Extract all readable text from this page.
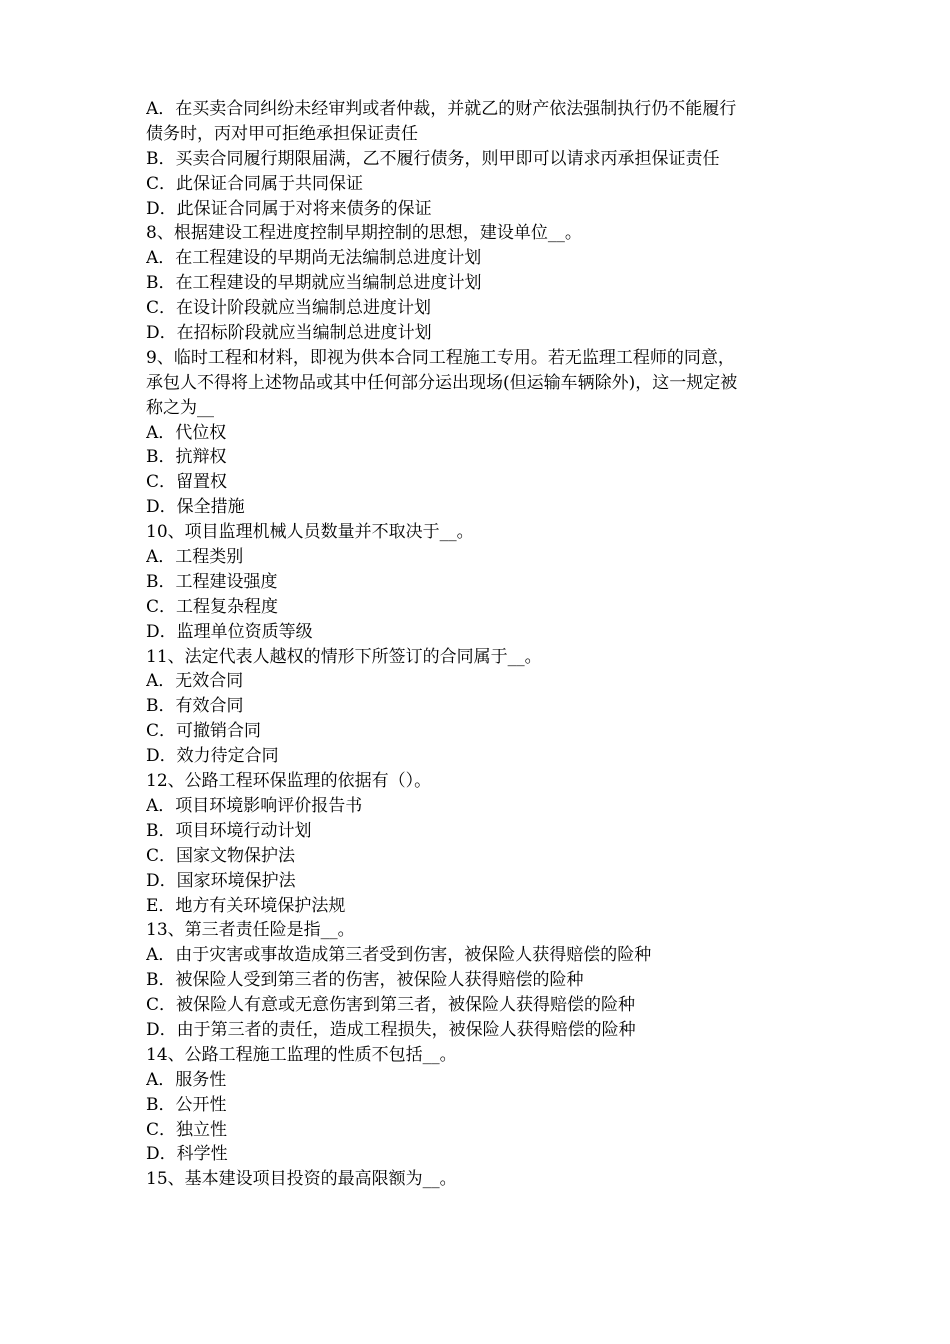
A．在买卖合同纠纷未经审判或者仲裁，并就乙的财产依法强制执行仍不能履行
债务时，丙对甲可拒绝承担保证责任
B．买卖合同履行期限届满，乙不履行债务，则甲即可以请求丙承担保证责任
C．此保证合同属于共同保证
D．此保证合同属于对将来债务的保证
8、根据建设工程进度控制早期控制的思想，建设单位__。
A．在工程建设的早期尚无法编制总进度计划
B．在工程建设的早期就应当编制总进度计划
C．在设计阶段就应当编制总进度计划
D．在招标阶段就应当编制总进度计划
9、临时工程和材料，即视为供本合同工程施工专用。若无监理工程师的同意，
承包人不得将上述物品或其中任何部分运出现场(但运输车辆除外)，这一规定被
称之为__
A．代位权
B．抗辩权
C．留置权
D．保全措施
10、项目监理机械人员数量并不取决于__。
A．工程类别
B．工程建设强度
C．工程复杂程度
D．监理单位资质等级
11、法定代表人越权的情形下所签订的合同属于__。
A．无效合同
B．有效合同
C．可撤销合同
D．效力待定合同
12、公路工程环保监理的依据有（）。
A．项目环境影响评价报告书
B．项目环境行动计划
C．国家文物保护法
D．国家环境保护法
E．地方有关环境保护法规
13、第三者责任险是指__。
A．由于灾害或事故造成第三者受到伤害，被保险人获得赔偿的险种
B．被保险人受到第三者的伤害，被保险人获得赔偿的险种
C．被保险人有意或无意伤害到第三者，被保险人获得赔偿的险种
D．由于第三者的责任，造成工程损失，被保险人获得赔偿的险种
14、公路工程施工监理的性质不包括__。
A．服务性
B．公开性
C．独立性
D．科学性
15、基本建设项目投资的最高限额为__。
